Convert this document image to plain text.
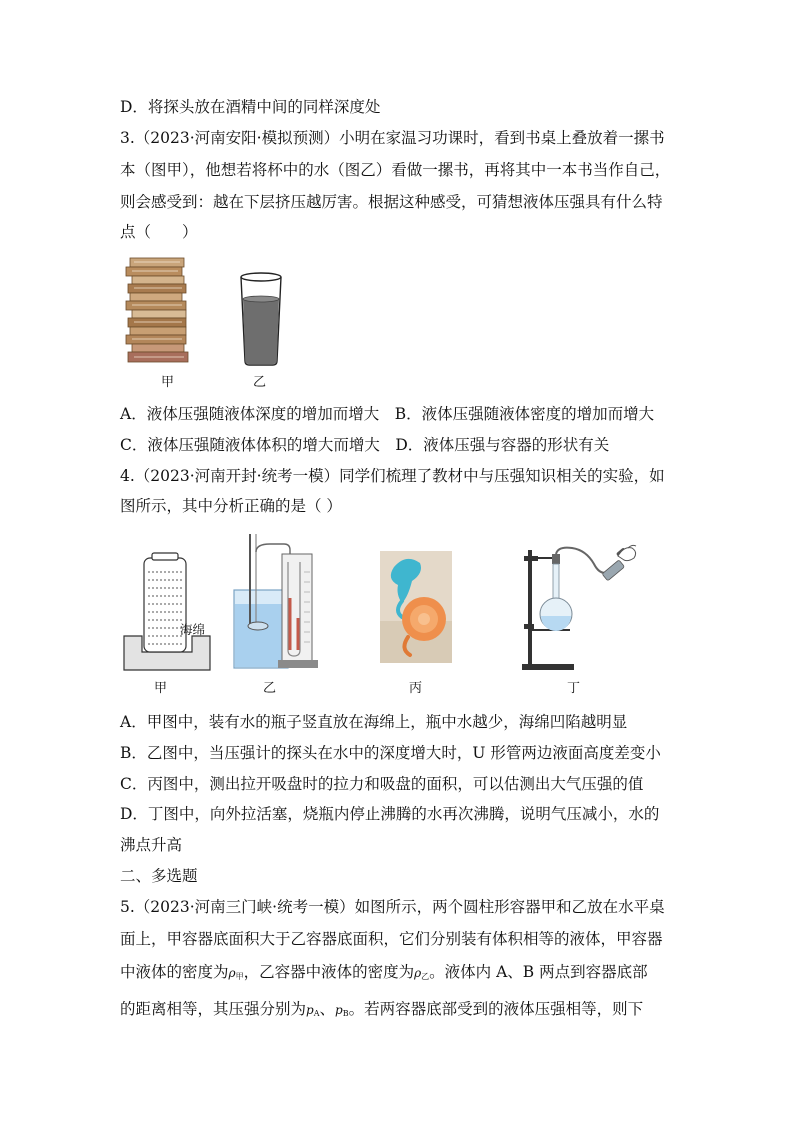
D．将探头放在酒精中间的同样深度处
3.（2023·河南安阳·模拟预测）小明在家温习功课时，看到书桌上叠放着一摞书
本（图甲），他想若将杯中的水（图乙）看做一摞书，再将其中一本书当作自己，
则会感受到：越在下层挤压越厉害。根据这种感受，可猜想液体压强具有什么特
点（　　）
甲	乙
A．液体压强随液体深度的增加而增大　B．液体压强随液体密度的增加而增大
C．液体压强随液体体积的增大而增大　D．液体压强与容器的形状有关
4.（2023·河南开封·统考一模）同学们梳理了教材中与压强知识相关的实验，如
图所示，其中分析正确的是（ ）
海绵
甲	乙	丙	丁
A．甲图中，装有水的瓶子竖直放在海绵上，瓶中水越少，海绵凹陷越明显
B．乙图中，当压强计的探头在水中的深度增大时，U 形管两边液面高度差变小
C．丙图中，测出拉开吸盘时的拉力和吸盘的面积，可以估测出大气压强的值
D．丁图中，向外拉活塞，烧瓶内停止沸腾的水再次沸腾，说明气压减小，水的
沸点升高
二、多选题
5.（2023·河南三门峡·统考一模）如图所示，两个圆柱形容器甲和乙放在水平桌
面上，甲容器底面积大于乙容器底面积，它们分别装有体积相等的液体，甲容器
中液体的密度为$\rho_甲$，乙容器中液体的密度为$\rho_乙$。液体内 A、B 两点到容器底部
的距离相等，其压强分别为$p_A$、$p_B$。若两容器底部受到的液体压强相等，则下
